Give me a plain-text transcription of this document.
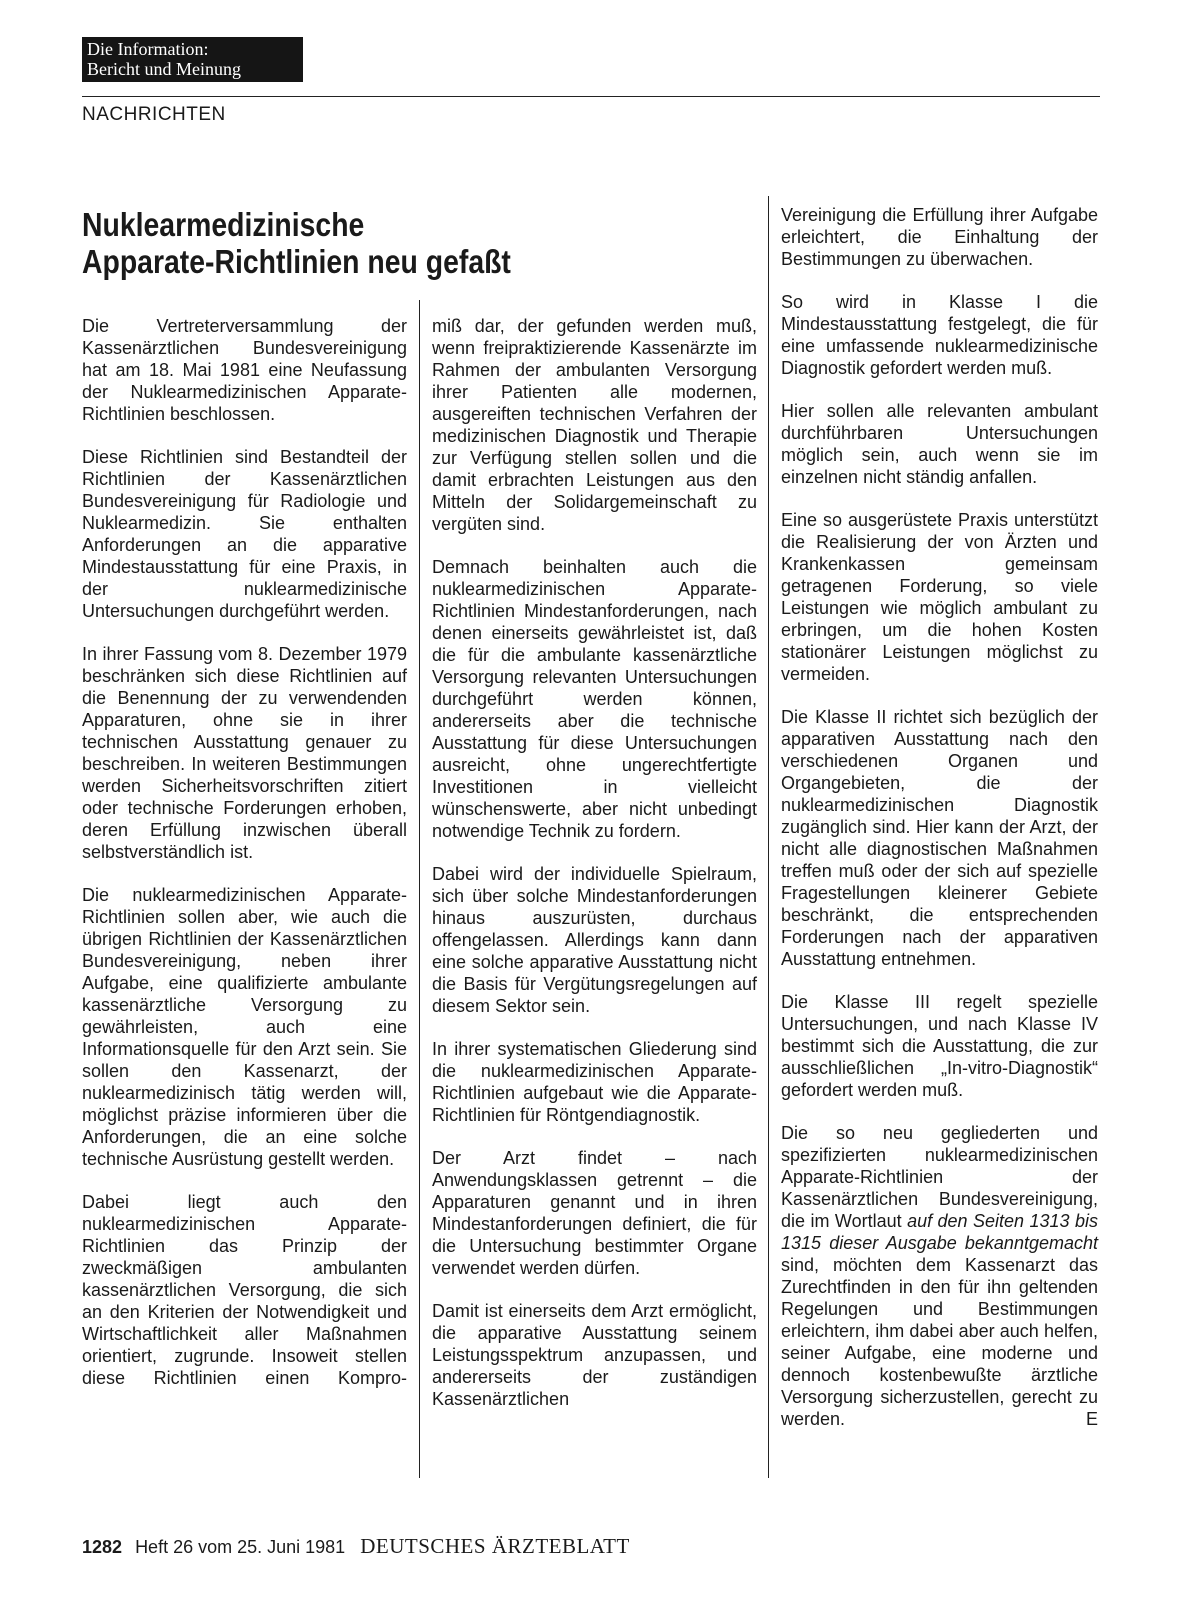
Die Information:
Bericht und Meinung
NACHRICHTEN
Nuklearmedizinische
Apparate-Richtlinien neu gefaßt

Die Vertreterversammlung der Kassenärztlichen Bundesvereinigung hat am 18. Mai 1981 eine Neufassung der Nuklearmedizinischen Apparate-Richtlinien beschlossen.

Diese Richtlinien sind Bestandteil der Richtlinien der Kassenärztlichen Bundesvereinigung für Radiologie und Nuklearmedizin. Sie enthalten Anforderungen an die apparative Mindestausstattung für eine Praxis, in der nuklearmedizinische Untersuchungen durchgeführt werden.

In ihrer Fassung vom 8. Dezember 1979 beschränken sich diese Richtlinien auf die Benennung der zu verwendenden Apparaturen, ohne sie in ihrer technischen Ausstattung genauer zu beschreiben. In weiteren Bestimmungen werden Sicherheitsvorschriften zitiert oder technische Forderungen erhoben, deren Erfüllung inzwischen überall selbstverständlich ist.

Die nuklearmedizinischen Apparate-Richtlinien sollen aber, wie auch die übrigen Richtlinien der Kassenärztlichen Bundesvereinigung, neben ihrer Aufgabe, eine qualifizierte ambulante kassenärztliche Versorgung zu gewährleisten, auch eine Informationsquelle für den Arzt sein. Sie sollen den Kassenarzt, der nuklearmedizinisch tätig werden will, möglichst präzise informieren über die Anforderungen, die an eine solche technische Ausrüstung gestellt werden.

Dabei liegt auch den nuklearmedizinischen Apparate-Richtlinien das Prinzip der zweckmäßigen ambulanten kassenärztlichen Versorgung, die sich an den Kriterien der Notwendigkeit und Wirtschaftlichkeit aller Maßnahmen orientiert, zugrunde. Insoweit stellen diese Richtlinien einen Kompro-

miß dar, der gefunden werden muß, wenn freipraktizierende Kassenärzte im Rahmen der ambulanten Versorgung ihrer Patienten alle modernen, ausgereiften technischen Verfahren der medizinischen Diagnostik und Therapie zur Verfügung stellen sollen und die damit erbrachten Leistungen aus den Mitteln der Solidargemeinschaft zu vergüten sind.

Demnach beinhalten auch die nuklearmedizinischen Apparate-Richtlinien Mindestanforderungen, nach denen einerseits gewährleistet ist, daß die für die ambulante kassenärztliche Versorgung relevanten Untersuchungen durchgeführt werden können, andererseits aber die technische Ausstattung für diese Untersuchungen ausreicht, ohne ungerechtfertigte Investitionen in vielleicht wünschenswerte, aber nicht unbedingt notwendige Technik zu fordern.

Dabei wird der individuelle Spielraum, sich über solche Mindestanforderungen hinaus auszurüsten, durchaus offengelassen. Allerdings kann dann eine solche apparative Ausstattung nicht die Basis für Vergütungsregelungen auf diesem Sektor sein.

In ihrer systematischen Gliederung sind die nuklearmedizinischen Apparate-Richtlinien aufgebaut wie die Apparate-Richtlinien für Röntgendiagnostik.

Der Arzt findet – nach Anwendungsklassen getrennt – die Apparaturen genannt und in ihren Mindestanforderungen definiert, die für die Untersuchung bestimmter Organe verwendet werden dürfen.

Damit ist einerseits dem Arzt ermöglicht, die apparative Ausstattung seinem Leistungsspektrum anzupassen, und andererseits der zuständigen Kassenärztlichen

Vereinigung die Erfüllung ihrer Aufgabe erleichtert, die Einhaltung der Bestimmungen zu überwachen.

So wird in Klasse I die Mindestausstattung festgelegt, die für eine umfassende nuklearmedizinische Diagnostik gefordert werden muß.

Hier sollen alle relevanten ambulant durchführbaren Untersuchungen möglich sein, auch wenn sie im einzelnen nicht ständig anfallen.

Eine so ausgerüstete Praxis unterstützt die Realisierung der von Ärzten und Krankenkassen gemeinsam getragenen Forderung, so viele Leistungen wie möglich ambulant zu erbringen, um die hohen Kosten stationärer Leistungen möglichst zu vermeiden.

Die Klasse II richtet sich bezüglich der apparativen Ausstattung nach den verschiedenen Organen und Organgebieten, die der nuklearmedizinischen Diagnostik zugänglich sind. Hier kann der Arzt, der nicht alle diagnostischen Maßnahmen treffen muß oder der sich auf spezielle Fragestellungen kleinerer Gebiete beschränkt, die entsprechenden Forderungen nach der apparativen Ausstattung entnehmen.

Die Klasse III regelt spezielle Untersuchungen, und nach Klasse IV bestimmt sich die Ausstattung, die zur ausschließlichen „In-vitro-Diagnostik“ gefordert werden muß.

Die so neu gegliederten und spezifizierten nuklearmedizinischen Apparate-Richtlinien der Kassenärztlichen Bundesvereinigung, die im Wortlaut auf den Seiten 1313 bis 1315 dieser Ausgabe bekanntgemacht sind, möchten dem Kassenarzt das Zurechtfinden in den für ihn geltenden Regelungen und Bestimmungen erleichtern, ihm dabei aber auch helfen, seiner Aufgabe, eine moderne und dennoch kostenbewußte ärztliche Versorgung sicherzustellen, gerecht zu werden.	E

1282 Heft 26 vom 25. Juni 1981 DEUTSCHES ÄRZTEBLATT
